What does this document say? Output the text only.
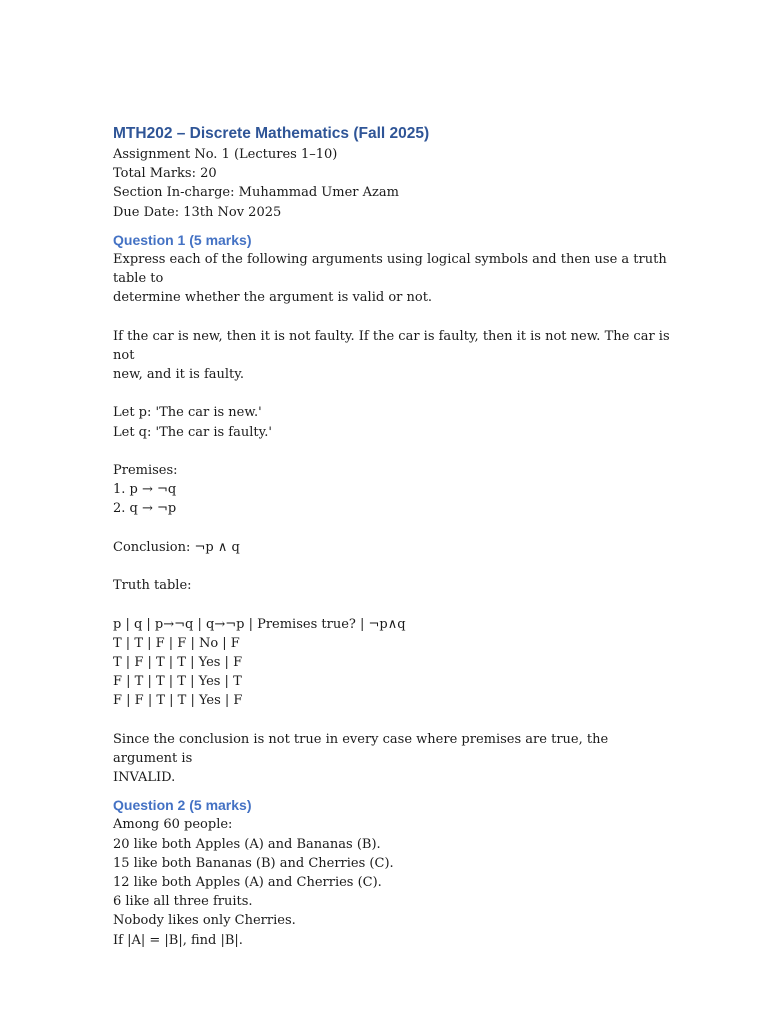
MTH202 – Discrete Mathematics (Fall 2025)

Assignment No. 1 (Lectures 1–10)

Total Marks: 20

Section In-charge: Muhammad Umer Azam

Due Date: 13th Nov 2025

Question 1 (5 marks)

Express each of the following arguments using logical symbols and then use a truth table to

determine whether the argument is valid or not.

If the car is new, then it is not faulty. If the car is faulty, then it is not new. The car is not

new, and it is faulty.

Let p: 'The car is new.'

Let q: 'The car is faulty.'

Premises:

1. p → ¬q

2. q → ¬p

Conclusion: ¬p ∧ q

Truth table:

p | q | p→¬q | q→¬p | Premises true? | ¬p∧q

T | T | F | F | No | F

T | F | T | T | Yes | F

F | T | T | T | Yes | T

F | F | T | T | Yes | F

Since the conclusion is not true in every case where premises are true, the argument is

INVALID.

Question 2 (5 marks)

Among 60 people:

20 like both Apples (A) and Bananas (B).

15 like both Bananas (B) and Cherries (C).

12 like both Apples (A) and Cherries (C).

6 like all three fruits.

Nobody likes only Cherries.

If |A| = |B|, find |B|.
